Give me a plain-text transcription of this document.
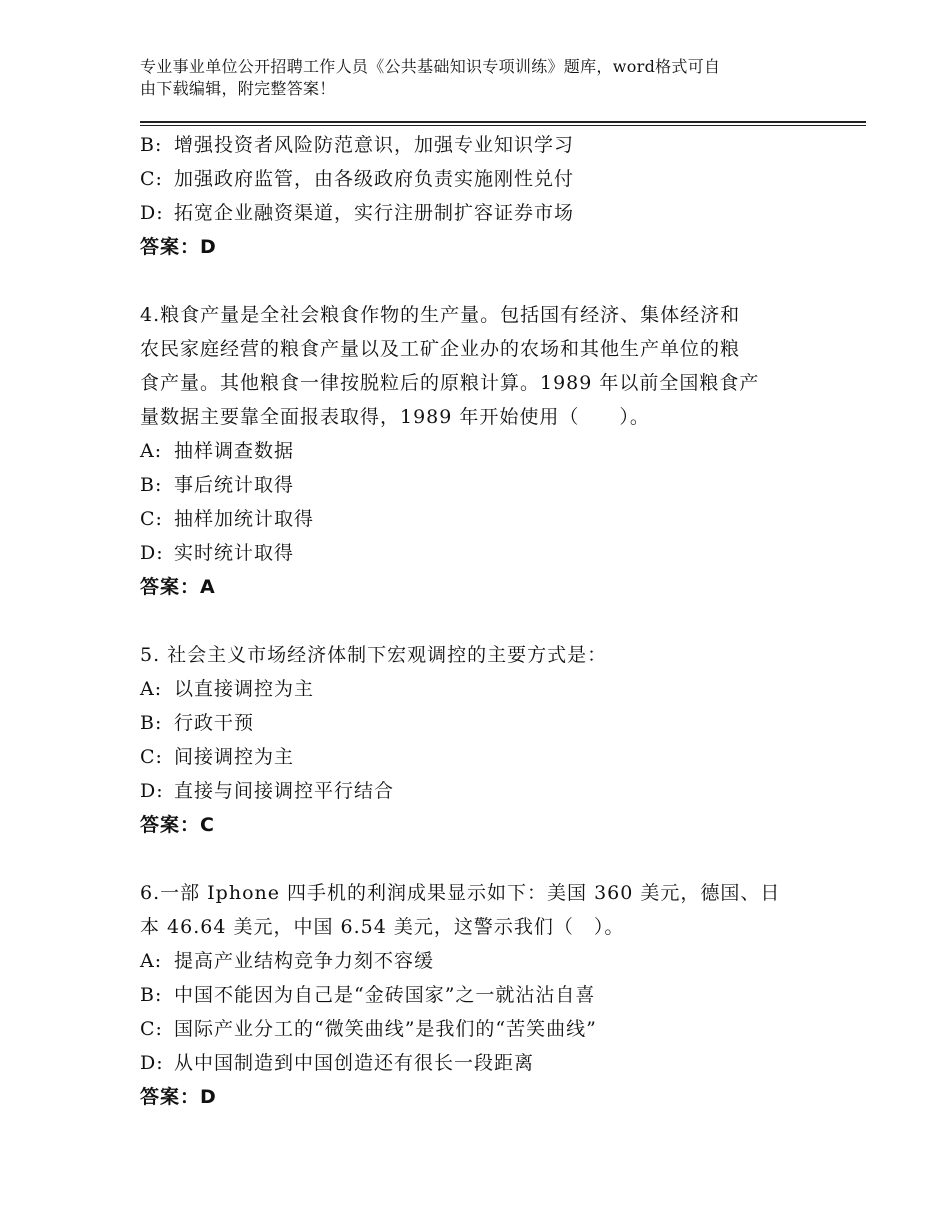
专业事业单位公开招聘工作人员《公共基础知识专项训练》题库，word格式可自
由下载编辑，附完整答案！
B: 增强投资者风险防范意识，加强专业知识学习
C: 加强政府监管，由各级政府负责实施刚性兑付
D: 拓宽企业融资渠道，实行注册制扩容证券市场
答案：D
4.粮食产量是全社会粮食作物的生产量。包括国有经济、集体经济和
农民家庭经营的粮食产量以及工矿企业办的农场和其他生产单位的粮
食产量。其他粮食一律按脱粒后的原粮计算。1989 年以前全国粮食产
量数据主要靠全面报表取得，1989 年开始使用（　　）。
A: 抽样调查数据
B: 事后统计取得
C: 抽样加统计取得
D: 实时统计取得
答案：A
5. 社会主义市场经济体制下宏观调控的主要方式是：
A: 以直接调控为主
B: 行政干预
C: 间接调控为主
D: 直接与间接调控平行结合
答案：C
6.一部 Iphone 四手机的利润成果显示如下：美国 360 美元，德国、日
本 46.64 美元，中国 6.54 美元，这警示我们（　）。
A: 提高产业结构竞争力刻不容缓
B: 中国不能因为自己是“金砖国家”之一就沾沾自喜
C: 国际产业分工的“微笑曲线”是我们的“苦笑曲线”
D: 从中国制造到中国创造还有很长一段距离
答案：D
